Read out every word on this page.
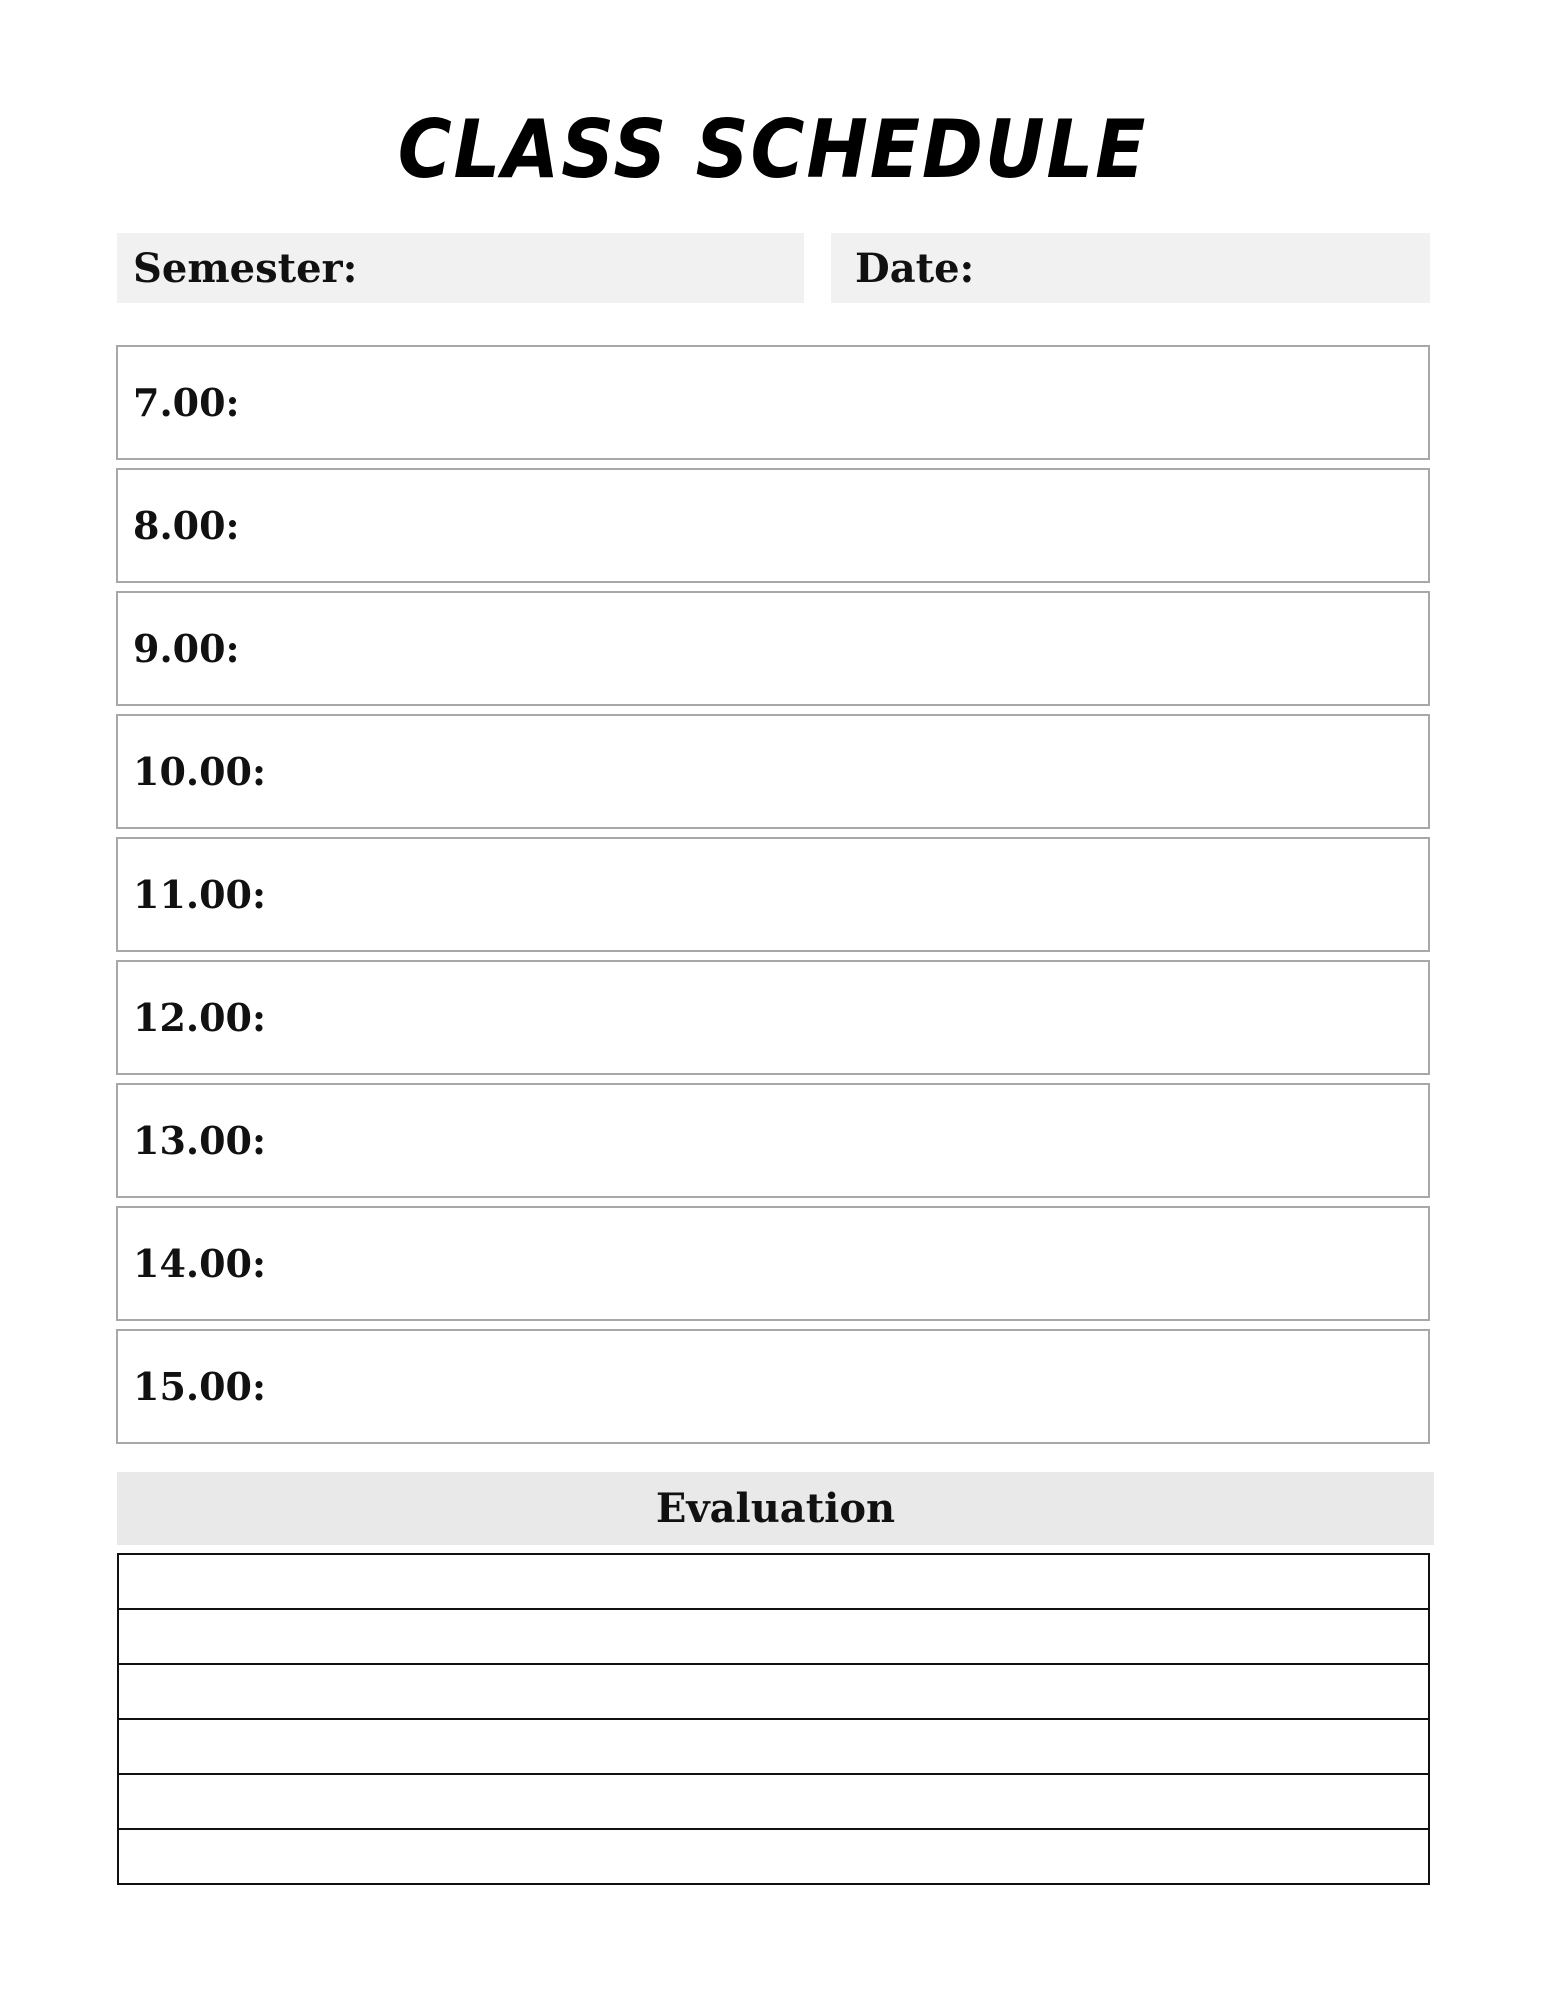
CLASS SCHEDULE
Semester:	Date:
7.00:
8.00:
9.00:
10.00:
11.00:
12.00:
13.00:
14.00:
15.00:
Evaluation
